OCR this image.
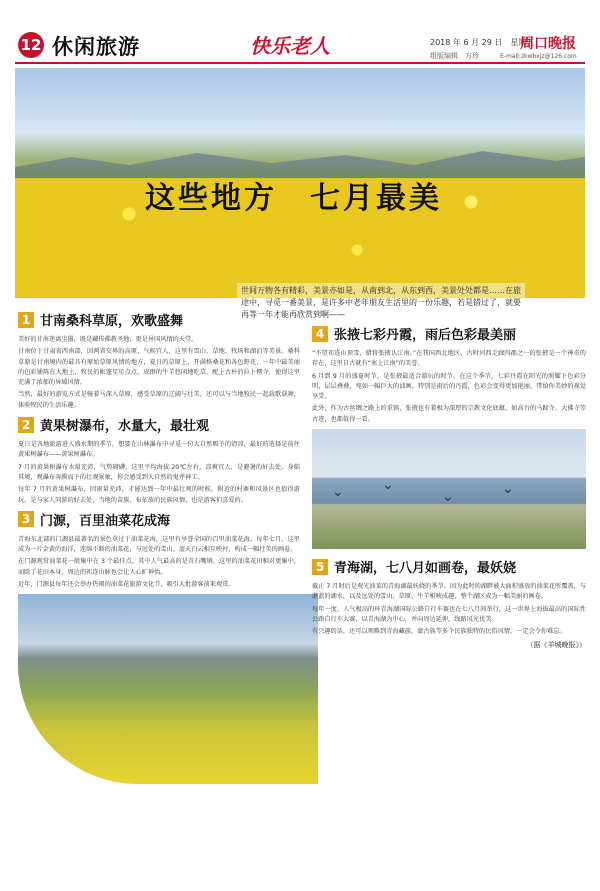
12 休闲旅游	快乐老人	2018 年 6 月 29 日　星期五
周口晚报
组版编辑　方珍	E-mail:zkwbxjz@126.com
这些地方　七月最美
世间万物各有精彩，美景亦如是，从南到北，从东到西，美景处处都是……在旅途中，寻觅一番美景，是许多中老年朋友生活里的一份乐趣，若是错过了，就要再等一年才能再欣赏到啊——
1 甘南桑科草原，欢歌盛舞

美好的甘南迷离尘嚣，既是藏传佛教圣地，更是异国风情的天堂。

甘南位于甘肃省西南部，因两省交界的高原，气候宜人，这里有雪山、草地、牧场和湖泊等美景。桑科草原是甘南境内的最具有原始草原风情的地方，夏日的草原上，开满格桑花和各色野花，一年中最美丽的色彩铺陈在大地上，牧民的帐篷星星点点，成群的牛羊悠闲地吃草，配上古朴的拉卜楞寺，使得这里充满了浓郁的异域风情。

当然，最好的游览方式是骑着马深入草原，感受草原的辽阔与壮美，还可以与当地牧民一起载歌载舞，体验牧民的生活乐趣。

2 黄果树瀑布，水量大，最壮观

夏日是各地旅游进入盛水期的季节，想要在山林瀑布中寻觅一份大自然赐予的清凉，最好的选择是前往黄果树瀑布——黄果树瀑布。

7 月的黄果树瀑布水量充沛，气势磅礴，这里平均海拔 20℃左右，凉爽宜人，是避暑的好去处。身临其境，观瀑布奔腾而下的壮观景象，你会感受到大自然的鬼斧神工。

每年 7 月的黄果树瀑布，因雨量充沛，才能达到一年中最壮观的时候。附近的村寨和风景区也值得游玩，是与家人同游的好去处，当地的苗族、布依族的民族风情，也是游客们喜爱的。

3 门源，百里油菜花成海

青海东北部的门源县最著名的景色莫过于油菜花海，这里有享誉全国的百里油菜花海。每年七月，这里成为一片金黄的海洋，连绵不断的油菜花，与远处的雪山、蓝天白云相互映衬，构成一幅壮美的画卷。

在门源观赏油菜花一般集中在 3 个最佳点，其中人气最高的是青石嘴镇，这里的油菜花田相对更集中，而除了花田本身，周边的祁连山脉也会让人心旷神怡。

近年，门源县每年还会举办热闹的油菜花旅游文化节，吸引大批游客前来观赏。

4 张掖七彩丹霞，雨后色彩最美丽

“不望祁连山顶雪，错将张掖认江南。”在我国西北地区，古时河西走廊四郡之一的张掖是一个神奇的存在，这里自古就有“塞上江南”的美誉。

6 月到 9 月的盛夏时节，是张掖最适合游玩的时节。在这个季节，七彩丹霞在阳光的照耀下色彩分明，层层叠叠，宛如一幅巨大的油画。特别是雨后的丹霞，色彩会变得更加艳丽，带给你美妙的视觉享受。

此外，作为古丝绸之路上的重镇，张掖也有着极为深厚的宗教文化底蕴，如高台的马蹄寺、大佛寺等古迹，也都值得一看。

⌄	⌄
⌄	⌄
5 青海湖，七八月如画卷，最妖娆

截止 7 月时后是观光油菜的青海湖最妖娆的季节。因为此时的湖畔被大面积盛放的油菜花所覆盖，与湛蓝的湖水，以及远处的雪山、草原、牛羊相映成趣，整个湖区成为一幅美丽的画卷。

每年一度，人气极高的环青海湖国际公路自行车赛也在七八月间举行，这一世界上海拔最高的国际性公路自行车大赛，以青海湖为中心，并向周边延伸，线路风光优美。

有兴趣的话，还可以领略到青海藏族、蒙古族等多个民族独特的民俗风情，一定会令你难忘。

（据《羊城晚报》）
